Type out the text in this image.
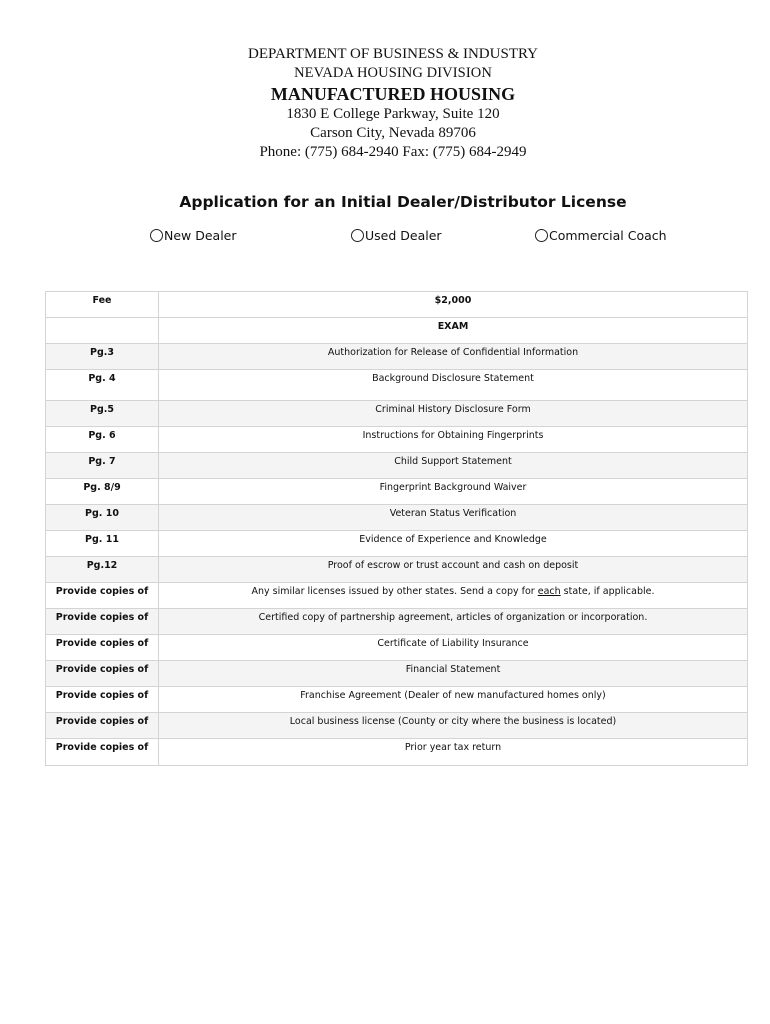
DEPARTMENT OF BUSINESS & INDUSTRY

NEVADA HOUSING DIVISION

MANUFACTURED HOUSING

1830 E College Parkway, Suite 120

Carson City, Nevada 89706

Phone: (775) 684-2940 Fax: (775) 684-2949

Application for an Initial Dealer/Distributor License
New Dealer	Used Dealer	Commercial Coach
Fee	$2,000
	EXAM
Pg.3	Authorization for Release of Confidential Information
Pg. 4	Background Disclosure Statement
Pg.5	Criminal History Disclosure Form
Pg. 6	Instructions for Obtaining Fingerprints
Pg. 7	Child Support Statement
Pg. 8/9	Fingerprint Background Waiver
Pg. 10	Veteran Status Verification
Pg. 11	Evidence of Experience and Knowledge
Pg.12	Proof of escrow or trust account and cash on deposit
Provide copies of	Any similar licenses issued by other states. Send a copy for each state, if applicable.
Provide copies of	Certified copy of partnership agreement, articles of organization or incorporation.
Provide copies of	Certificate of Liability Insurance
Provide copies of	Financial Statement
Provide copies of	Franchise Agreement (Dealer of new manufactured homes only)
Provide copies of	Local business license (County or city where the business is located)
Provide copies of	Prior year tax return
